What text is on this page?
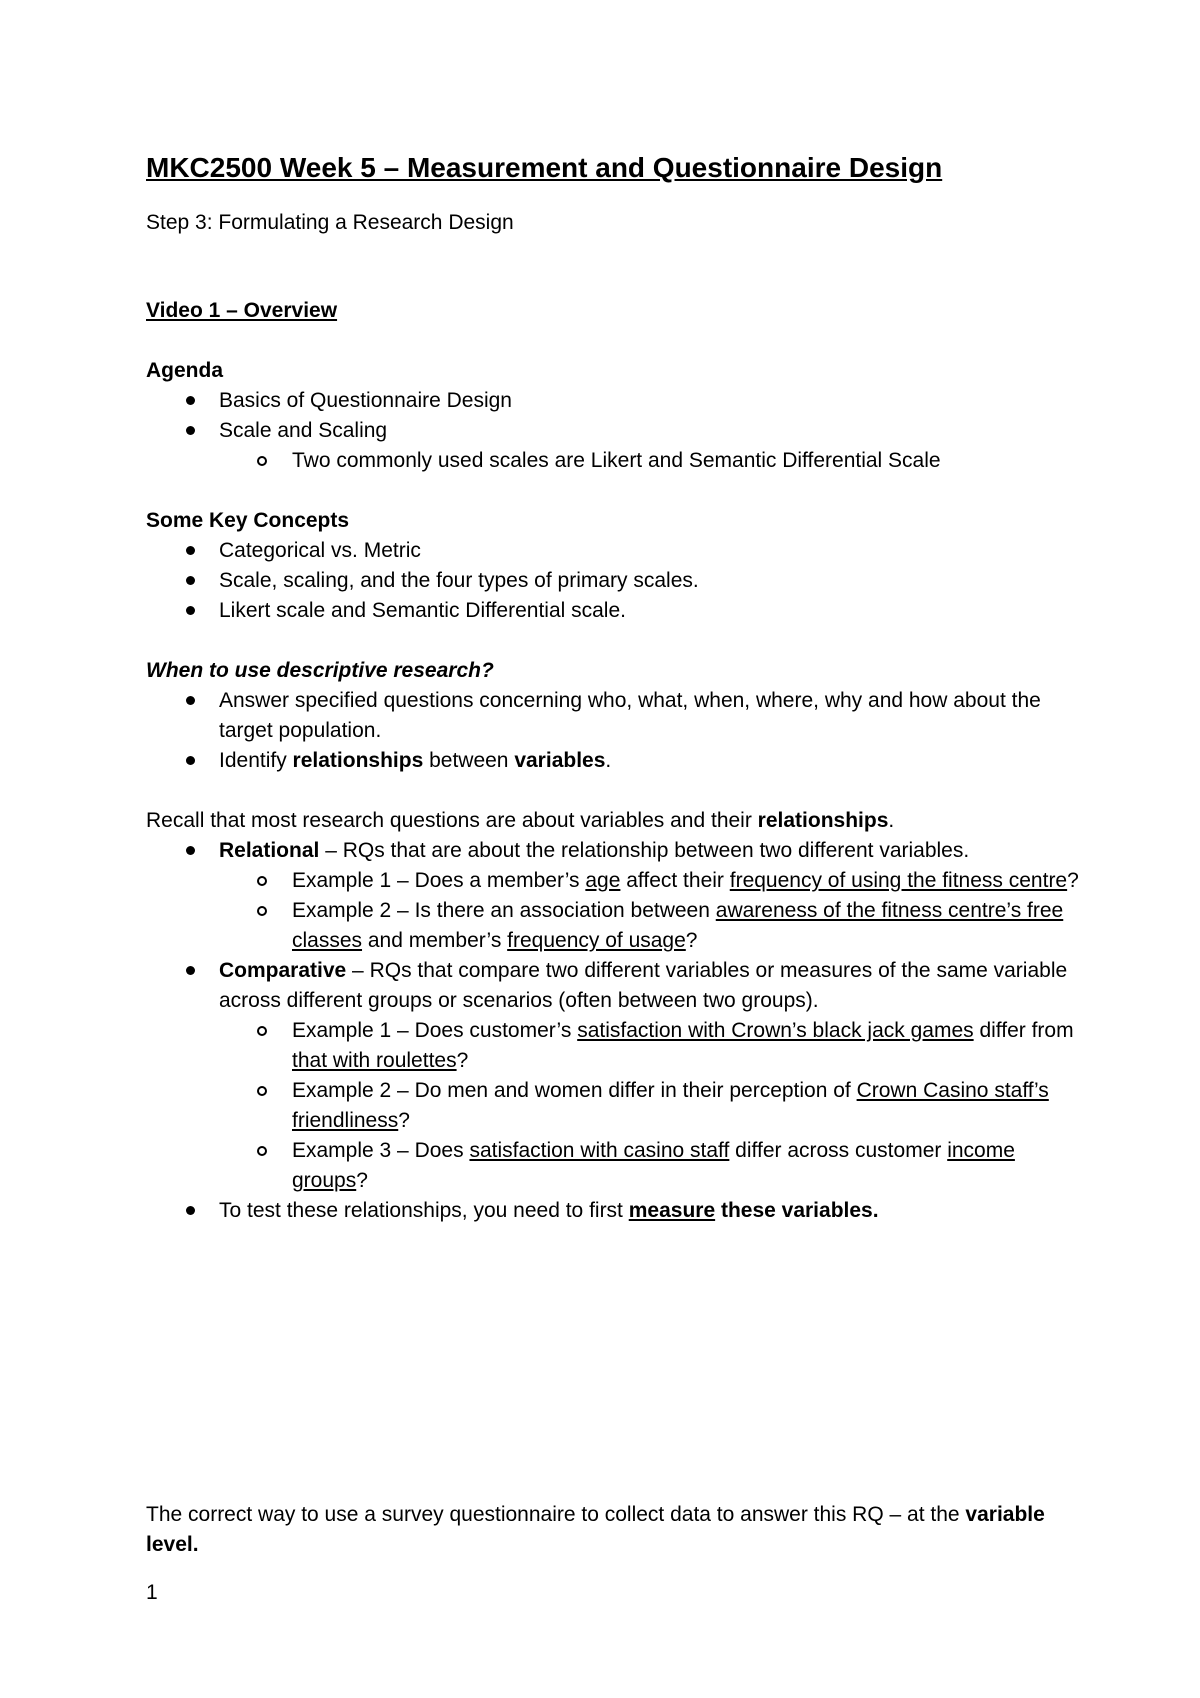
MKC2500 Week 5 – Measurement and Questionnaire Design

Step 3: Formulating a Research Design

Video 1 – Overview

Agenda

Basics of Questionnaire Design
Scale and Scaling
Two commonly used scales are Likert and Semantic Differential Scale

Some Key Concepts

Categorical vs. Metric
Scale, scaling, and the four types of primary scales.
Likert scale and Semantic Differential scale.

When to use descriptive research?

Answer specified questions concerning who, what, when, where, why and how about the target population.
Identify relationships between variables.

Recall that most research questions are about variables and their relationships.

Relational – RQs that are about the relationship between two different variables.
Example 1 – Does a member’s age affect their frequency of using the fitness centre?
Example 2 – Is there an association between awareness of the fitness centre’s free classes and member’s frequency of usage?
Comparative – RQs that compare two different variables or measures of the same variable across different groups or scenarios (often between two groups).
Example 1 – Does customer’s satisfaction with Crown’s black jack games differ from that with roulettes?
Example 2 – Do men and women differ in their perception of Crown Casino staff’s friendliness?
Example 3 – Does satisfaction with casino staff differ across customer income groups?
To test these relationships, you need to first measure these variables.

The correct way to use a survey questionnaire to collect data to answer this RQ – at the variable level.

1
